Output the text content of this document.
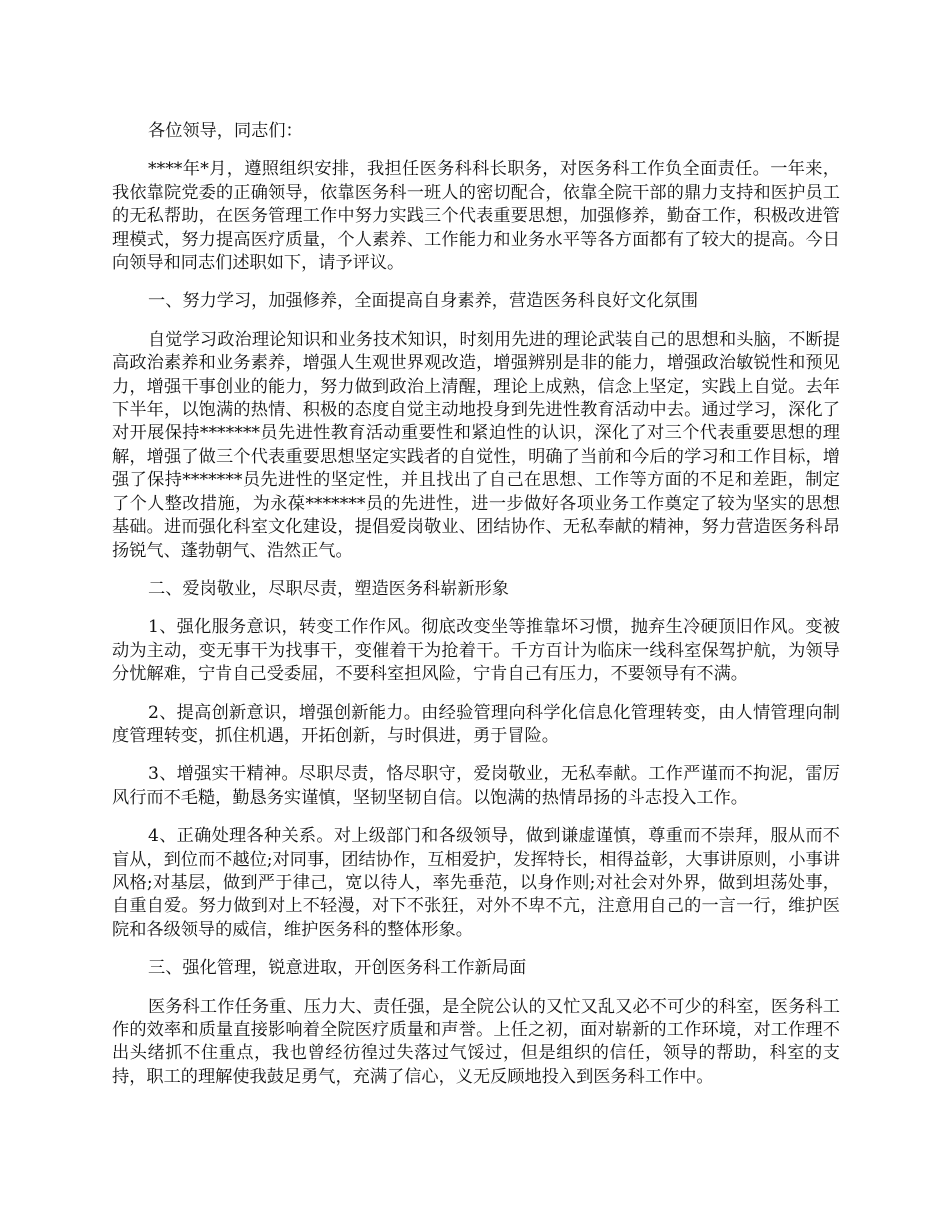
各位领导，同志们：

****年*月，遵照组织安排，我担任医务科科长职务，对医务科工作负全面责任。一年来，我依靠院党委的正确领导，依靠医务科一班人的密切配合，依靠全院干部的鼎力支持和医护员工的无私帮助，在医务管理工作中努力实践三个代表重要思想，加强修养，勤奋工作，积极改进管理模式，努力提高医疗质量，个人素养、工作能力和业务水平等各方面都有了较大的提高。今日向领导和同志们述职如下，请予评议。

一、努力学习，加强修养，全面提高自身素养，营造医务科良好文化氛围

自觉学习政治理论知识和业务技术知识，时刻用先进的理论武装自己的思想和头脑，不断提高政治素养和业务素养，增强人生观世界观改造，增强辨别是非的能力，增强政治敏锐性和预见力，增强干事创业的能力，努力做到政治上清醒，理论上成熟，信念上坚定，实践上自觉。去年下半年，以饱满的热情、积极的态度自觉主动地投身到先进性教育活动中去。通过学习，深化了对开展保持*******员先进性教育活动重要性和紧迫性的认识，深化了对三个代表重要思想的理解，增强了做三个代表重要思想坚定实践者的自觉性，明确了当前和今后的学习和工作目标，增强了保持*******员先进性的坚定性，并且找出了自己在思想、工作等方面的不足和差距，制定了个人整改措施，为永葆*******员的先进性，进一步做好各项业务工作奠定了较为坚实的思想基础。进而强化科室文化建设，提倡爱岗敬业、团结协作、无私奉献的精神，努力营造医务科昂扬锐气、蓬勃朝气、浩然正气。

二、爱岗敬业，尽职尽责，塑造医务科崭新形象

1、强化服务意识，转变工作作风。彻底改变坐等推靠坏习惯，抛弃生冷硬顶旧作风。变被动为主动，变无事干为找事干，变催着干为抢着干。千方百计为临床一线科室保驾护航，为领导分忧解难，宁肯自己受委屈，不要科室担风险，宁肯自己有压力，不要领导有不满。

2、提高创新意识，增强创新能力。由经验管理向科学化信息化管理转变，由人情管理向制度管理转变，抓住机遇，开拓创新，与时俱进，勇于冒险。

3、增强实干精神。尽职尽责，恪尽职守，爱岗敬业，无私奉献。工作严谨而不拘泥，雷厉风行而不毛糙，勤恳务实谨慎，坚韧坚韧自信。以饱满的热情昂扬的斗志投入工作。

4、正确处理各种关系。对上级部门和各级领导，做到谦虚谨慎，尊重而不崇拜，服从而不盲从，到位而不越位;对同事，团结协作，互相爱护，发挥特长，相得益彰，大事讲原则，小事讲风格;对基层，做到严于律己，宽以待人，率先垂范，以身作则;对社会对外界，做到坦荡处事，自重自爱。努力做到对上不轻漫，对下不张狂，对外不卑不亢，注意用自己的一言一行，维护医院和各级领导的威信，维护医务科的整体形象。

三、强化管理，锐意进取，开创医务科工作新局面

医务科工作任务重、压力大、责任强，是全院公认的又忙又乱又必不可少的科室，医务科工作的效率和质量直接影响着全院医疗质量和声誉。上任之初，面对崭新的工作环境，对工作理不出头绪抓不住重点，我也曾经彷徨过失落过气馁过，但是组织的信任，领导的帮助，科室的支持，职工的理解使我鼓足勇气，充满了信心，义无反顾地投入到医务科工作中。
